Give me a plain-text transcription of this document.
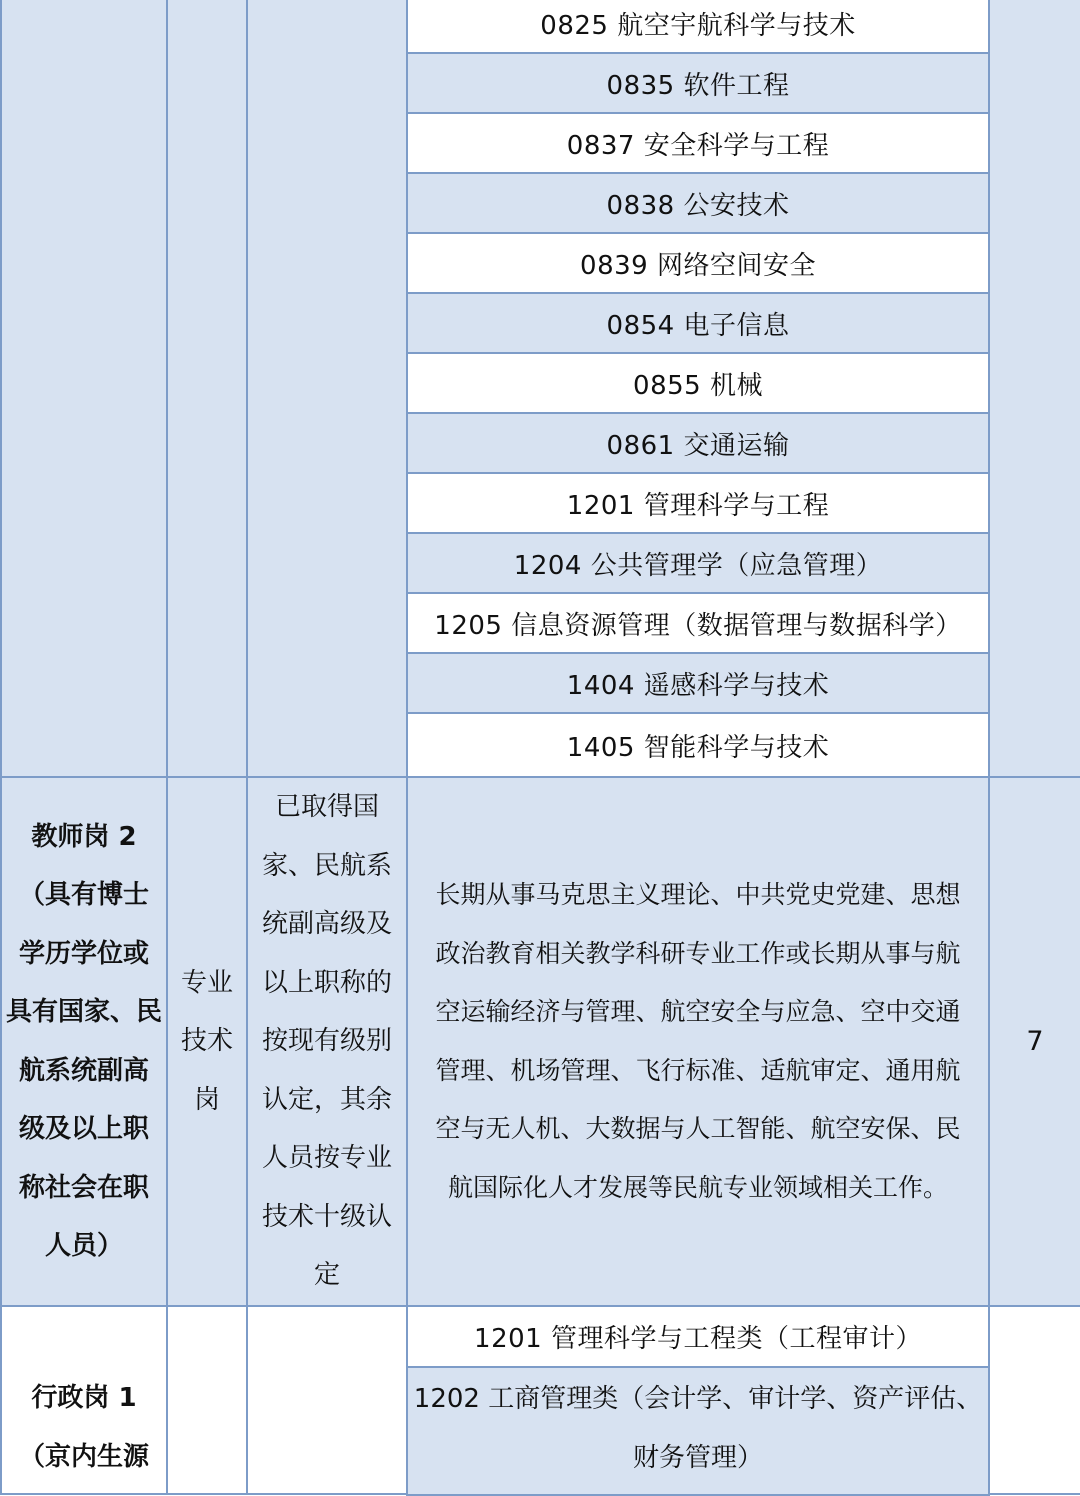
0825 航空宇航科学与技术
0835 软件工程
0837 安全科学与工程
0838 公安技术
0839 网络空间安全
0854 电子信息
0855 机械
0861 交通运输
1201 管理科学与工程
1204 公共管理学（应急管理）
1205 信息资源管理（数据管理与数据科学）
1404 遥感科学与技术
1405 智能科学与技术
教师岗 2
（具有博士
学历学位或
具有国家、民
航系统副高
级及以上职
称社会在职
人员）
专业
技术
岗
已取得国
家、民航系
统副高级及
以上职称的
按现有级别
认定，其余
人员按专业
技术十级认
定
长期从事马克思主义理论、中共党史党建、思想
政治教育相关教学科研专业工作或长期从事与航
空运输经济与管理、航空安全与应急、空中交通
管理、机场管理、飞行标准、适航审定、通用航
空与无人机、大数据与人工智能、航空安保、民
航国际化人才发展等民航专业领域相关工作。
7
行政岗 1
（京内生源
1201 管理科学与工程类（工程审计）
1202 工商管理类（会计学、审计学、资产评估、
财务管理）
